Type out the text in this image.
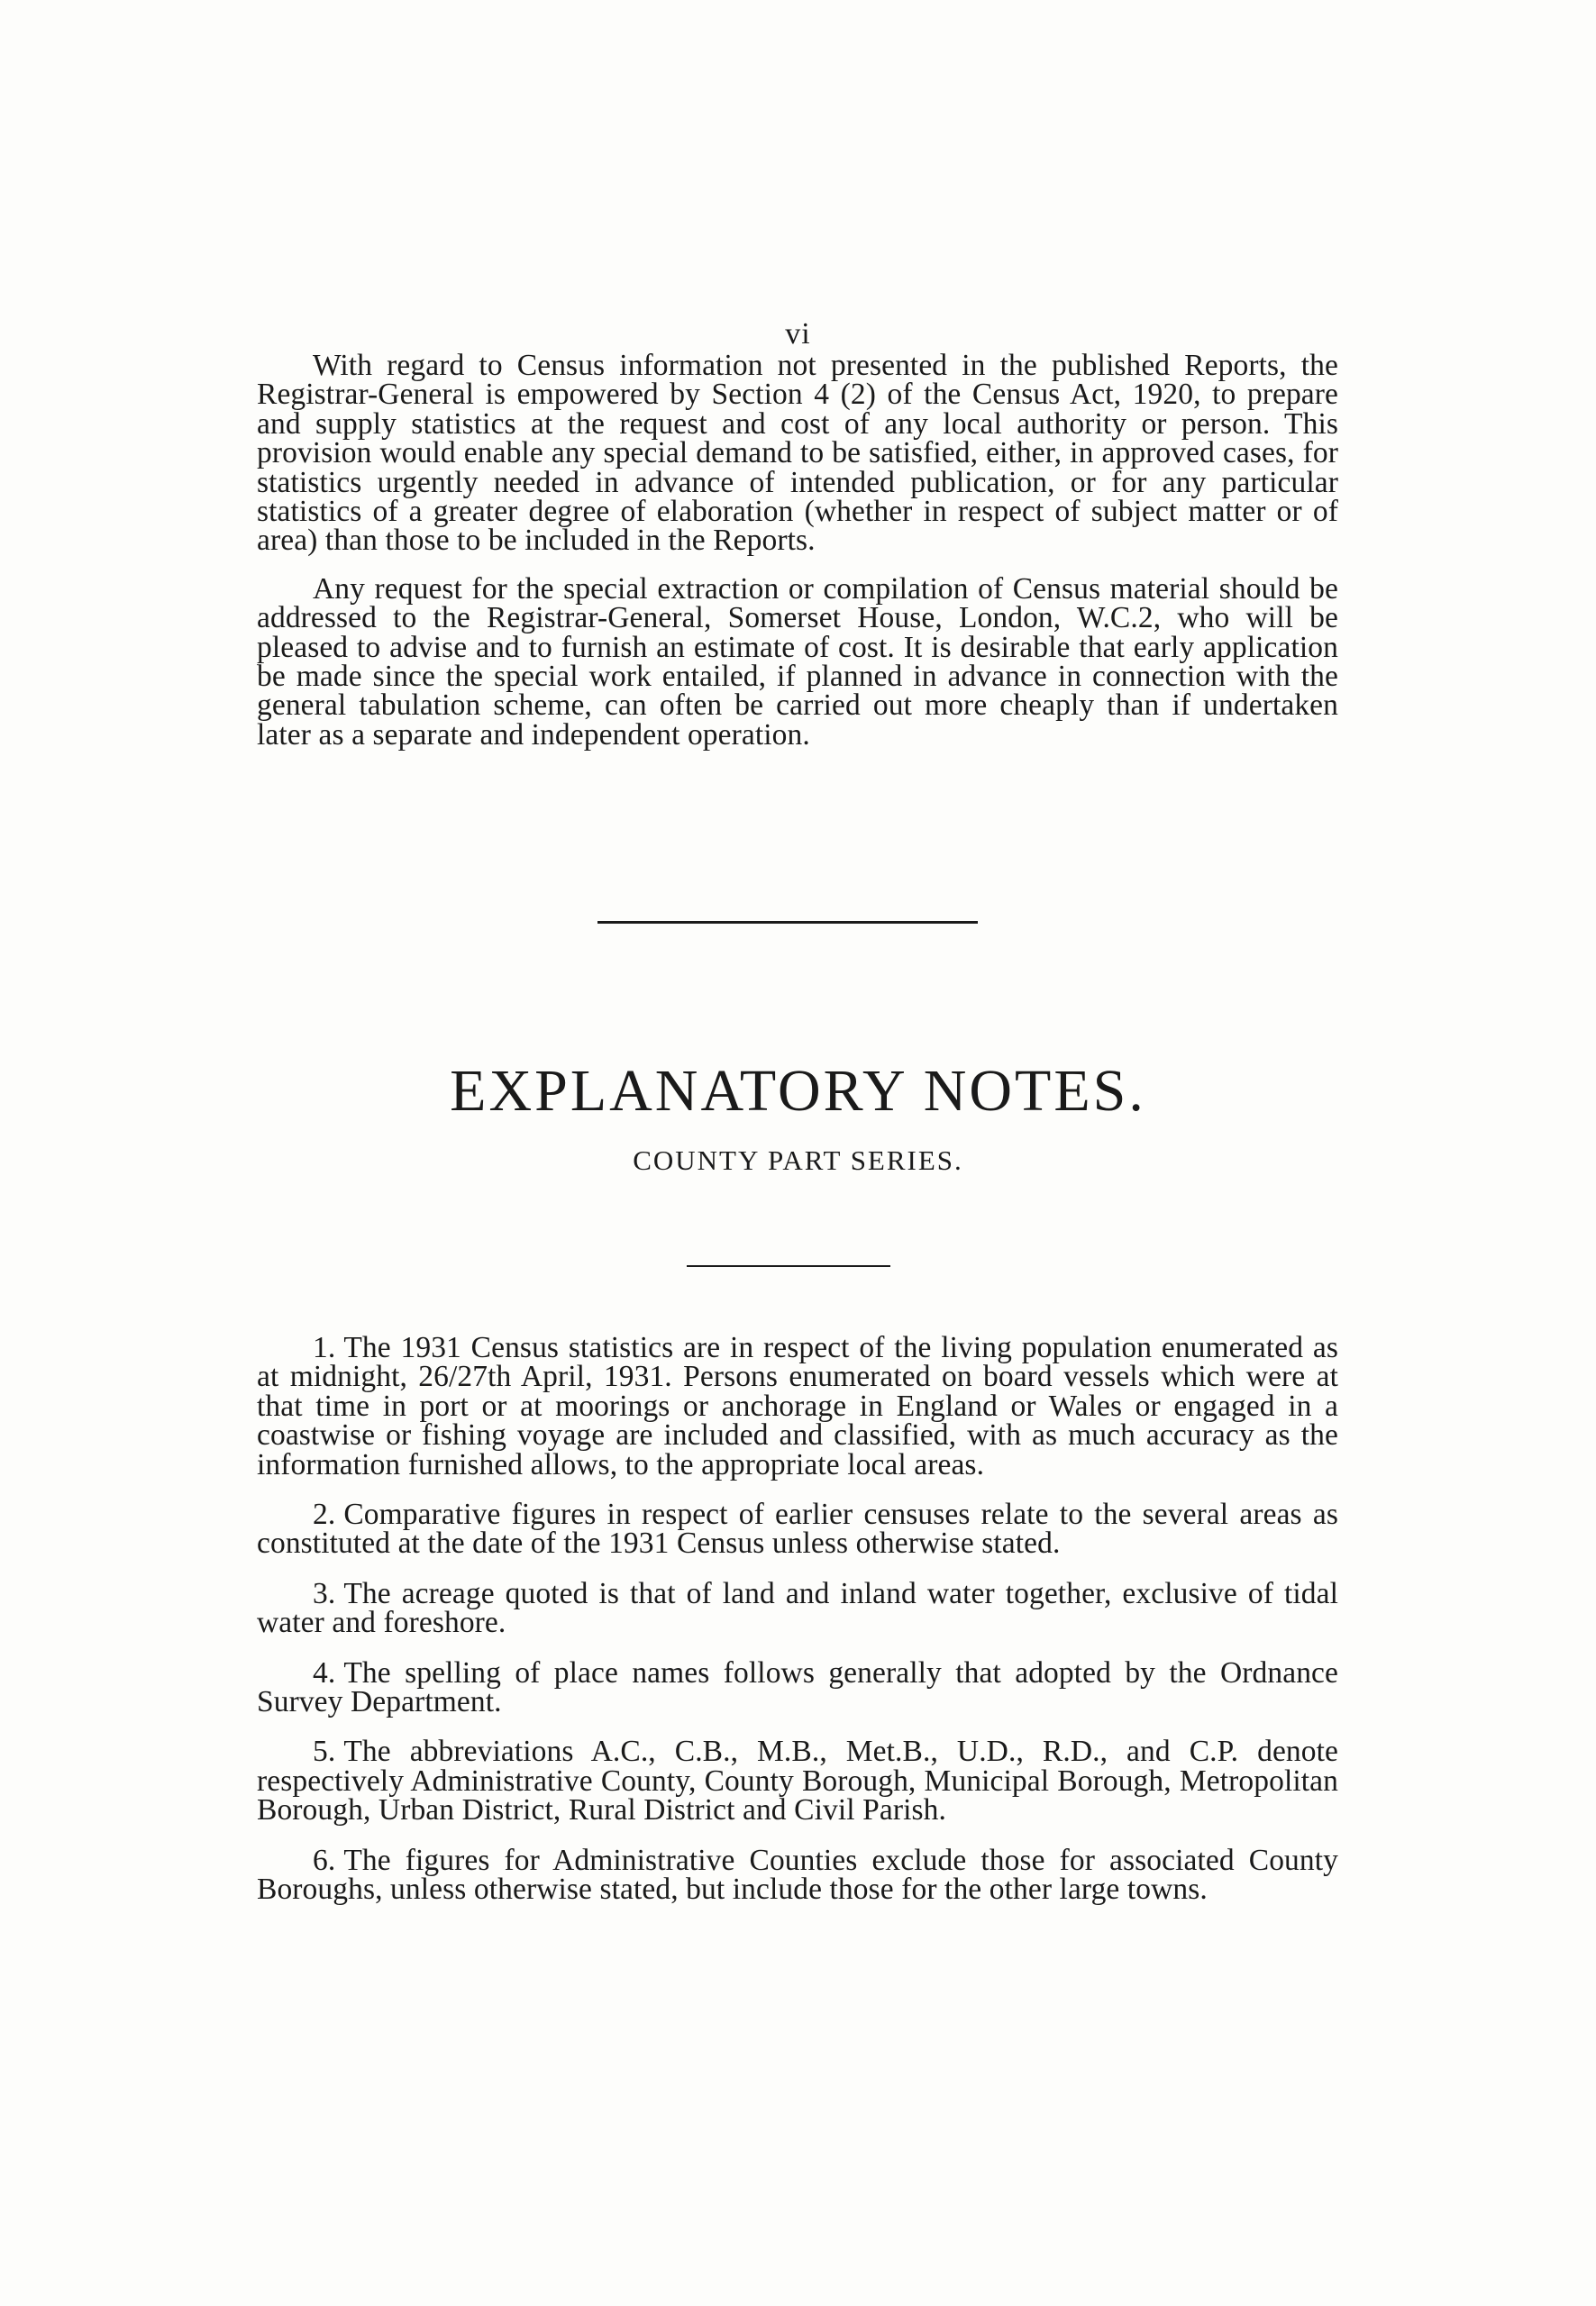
vi

With regard to Census information not presented in the published Reports, the Registrar-General is empowered by Section 4 (2) of the Census Act, 1920, to prepare and supply statistics at the request and cost of any local authority or person. This provision would enable any special demand to be satisfied, either, in approved cases, for statistics urgently needed in advance of intended publication, or for any particular statistics of a greater degree of elaboration (whether in respect of subject matter or of area) than those to be included in the Reports.

Any request for the special extraction or compilation of Census material should be addressed to the Registrar-General, Somerset House, London, W.C.2, who will be pleased to advise and to furnish an estimate of cost. It is desirable that early application be made since the special work entailed, if planned in advance in connection with the general tabulation scheme, can often be carried out more cheaply than if undertaken later as a separate and independent operation.

EXPLANATORY NOTES.
COUNTY PART SERIES.

1. The 1931 Census statistics are in respect of the living population enumerated as at midnight, 26/27th April, 1931. Persons enumerated on board vessels which were at that time in port or at moorings or anchorage in England or Wales or engaged in a coastwise or fishing voyage are included and classified, with as much accuracy as the information furnished allows, to the appropriate local areas.

2. Comparative figures in respect of earlier censuses relate to the several areas as constituted at the date of the 1931 Census unless otherwise stated.

3. The acreage quoted is that of land and inland water together, exclusive of tidal water and foreshore.

4. The spelling of place names follows generally that adopted by the Ordnance Survey Department.

5. The abbreviations A.C., C.B., M.B., Met.B., U.D., R.D., and C.P. denote respectively Administrative County, County Borough, Municipal Borough, Metropolitan Borough, Urban District, Rural District and Civil Parish.

6. The figures for Administrative Counties exclude those for associated County Boroughs, unless otherwise stated, but include those for the other large towns.
